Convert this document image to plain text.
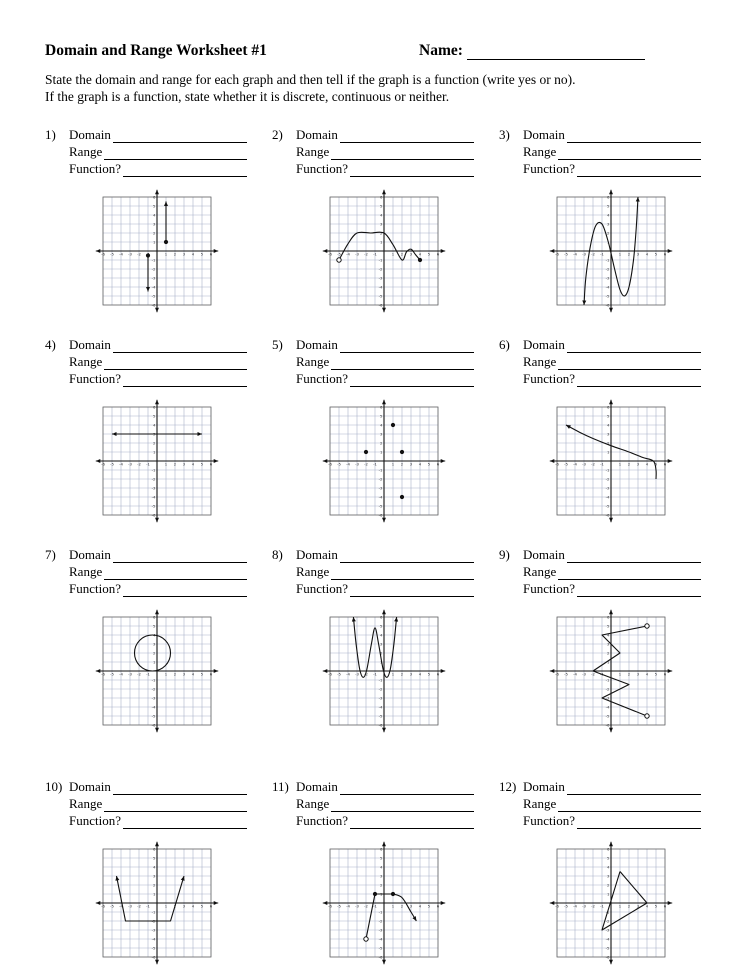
Domain and Range Worksheet #1	Name:
State the domain and range for each graph and then tell if the graph is a function (write yes or no).
If the graph is a function, state whether it is discrete, continuous or neither.
1)	Domain
Range
Function?
-6
-6
-5
-5
-4
-4
-3
-3
-2
-2
-1
1
1
2
2
3
3
4
4
5
5
6
6
2)	Domain
Range
Function?
-6
-6
-5
-5
-4
-4
-3
-3
-2
-2
-1
-1
1
1
2
2
3
3
4
4
5
5
6
6
3)	Domain
Range
Function?
-6
-6
-5
-5
-4
-4
-3
-3
-2
-2
-1
-1
1
1
2
2
3
3
4
4
5
5
6
6
4)	Domain
Range
Function?
-6
-6
-5
-5
-4
-4
-3
-3
-2
-2
-1
-1
1
1
2
2
3
3
4
4
5
5
6
6
5)	Domain
Range
Function?
-6
-6
-5
-5
-4
-4
-3
-3
-2
-2
-1
-1
1
1
2
2
3
3
4
4
5
5
6
6
6)	Domain
Range
Function?
-6
-6
-5
-5
-4
-4
-3
-3
-2
-2
-1
-1
1
1
2
2
3
3
4
4
5
5
6
6
7)	Domain
Range
Function?
-6
-6
-5
-5
-4
-4
-3
-3
-2
-2
-1
-1
1
1
2
2
3
3
4
4
5
5
6
6
8)	Domain
Range
Function?
-6
-6
-5
-5
-4
-4
-3
-3
-2
-2
-1
-1
1
1
2
2
3
3
4
4
5
5
6
6
9)	Domain
Range
Function?
-6
-6
-5
-5
-4
-4
-3
-3
-2
-2
-1
-1
1
1
2
2
3
3
4
4
5
5
6
6
10) Domain
Range
Function?
-6
-6
-5
-5
-4
-4
-3
-3
-2
-2
-1
-1
1
1
2
2
3
3
4
4
5
5
6
6
11) Domain
Range
Function?
-6
-6
-5
-5
-4
-4
-3
-3
-2
-2
-1
-1
1
1
2
2
3
3
4
4
5
5
6
6
12) Domain
Range
Function?
-6
-6
-5
-5
-4
-4
-3
-3
-2
-2
-1
-1
1
1
2
2
3
3
4
4
5
5
6
6
